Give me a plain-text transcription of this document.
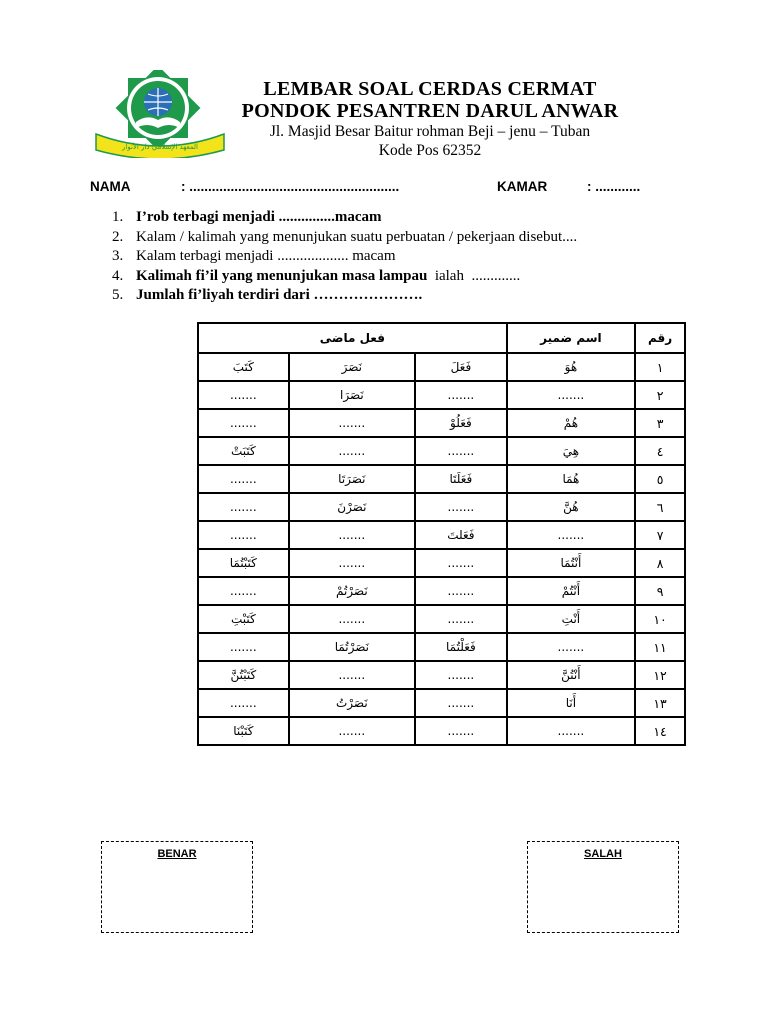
المعهد الإسلامي دار الأنوار
LEMBAR SOAL CERDAS CERMAT
PONDOK PESANTREN DARUL ANWAR
Jl. Masjid Besar Baitur rohman Beji – jenu – Tuban
Kode Pos 62352
NAMA	: ........................................................	KAMAR	: ............
1. I’rob terbagi menjadi ...............macam
2. Kalam / kalimah yang menunjukan suatu perbuatan / pekerjaan disebut....
3. Kalam terbagi menjadi ................... macam
4. Kalimah fi’il yang menunjukan masa lampau  ialah  .............
5. Jumlah fi’liyah terdiri dari ………………….
فعل ماضى			اسم ضمير	رقم
كَتَبَ	نَصَرَ	فَعَلَ	هُوَ	١
.......	نَصَرَا	.......	.......	٢
.......	.......	فَعَلُوْ	هُمْ	٣
كَتَبَتْ	.......	.......	هِيَ	٤
.......	نَصَرَتَا	فَعَلَتَا	هُمَا	٥
.......	نَصَرْنَ	.......	هُنَّ	٦
.......	.......	فَعَلتَ	.......	٧
كَتَبْتُمَا	.......	.......	أَنْتُمَا	٨
.......	نَصَرْتُمْ	.......	أَنْتُمْ	٩
كَتَبْتِ	.......	.......	أَنْتِ	١٠
.......	نَصَرْتُمَا	فَعَلْتُمَا	.......	١١
كَتَبْتُنَّ	.......	.......	أَنْتُنَّ	١٢
.......	نَصَرْتُ	.......	أَنَا	١٣
كَتَبْنَا	.......	.......	.......	١٤
BENAR	SALAH
